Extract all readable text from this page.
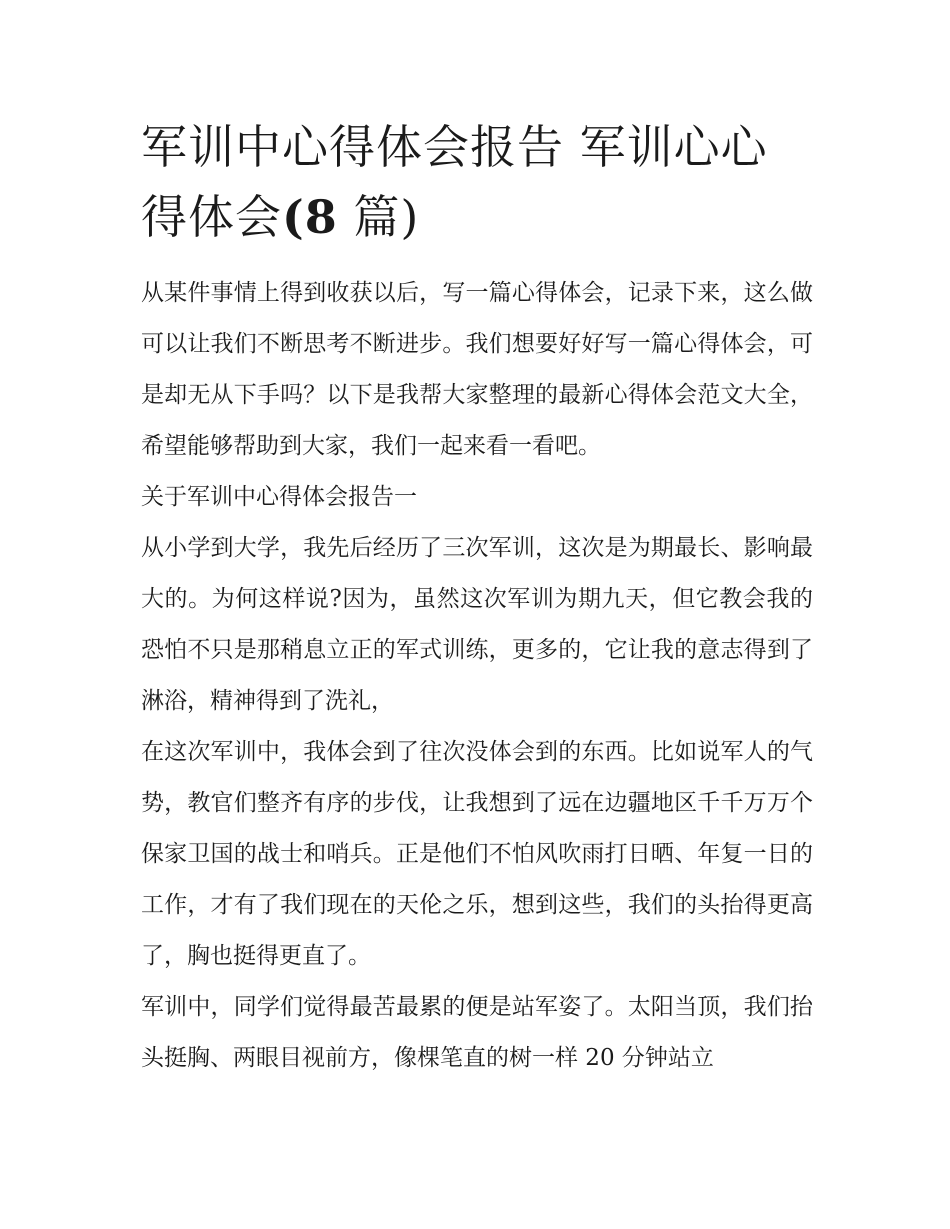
军训中心得体会报告 军训心心得体会(8 篇)

从某件事情上得到收获以后，写一篇心得体会，记录下来，这么做可以让我们不断思考不断进步。我们想要好好写一篇心得体会，可是却无从下手吗？以下是我帮大家整理的最新心得体会范文大全，希望能够帮助到大家，我们一起来看一看吧。

关于军训中心得体会报告一

从小学到大学，我先后经历了三次军训，这次是为期最长、影响最大的。为何这样说?因为，虽然这次军训为期九天，但它教会我的恐怕不只是那稍息立正的军式训练，更多的，它让我的意志得到了淋浴，精神得到了洗礼，

在这次军训中，我体会到了往次没体会到的东西。比如说军人的气势，教官们整齐有序的步伐，让我想到了远在边疆地区千千万万个保家卫国的战士和哨兵。正是他们不怕风吹雨打日晒、年复一日的工作，才有了我们现在的天伦之乐，想到这些，我们的头抬得更高了，胸也挺得更直了。

军训中，同学们觉得最苦最累的便是站军姿了。太阳当顶，我们抬头挺胸、两眼目视前方，像棵笔直的树一样 20 分钟站立
